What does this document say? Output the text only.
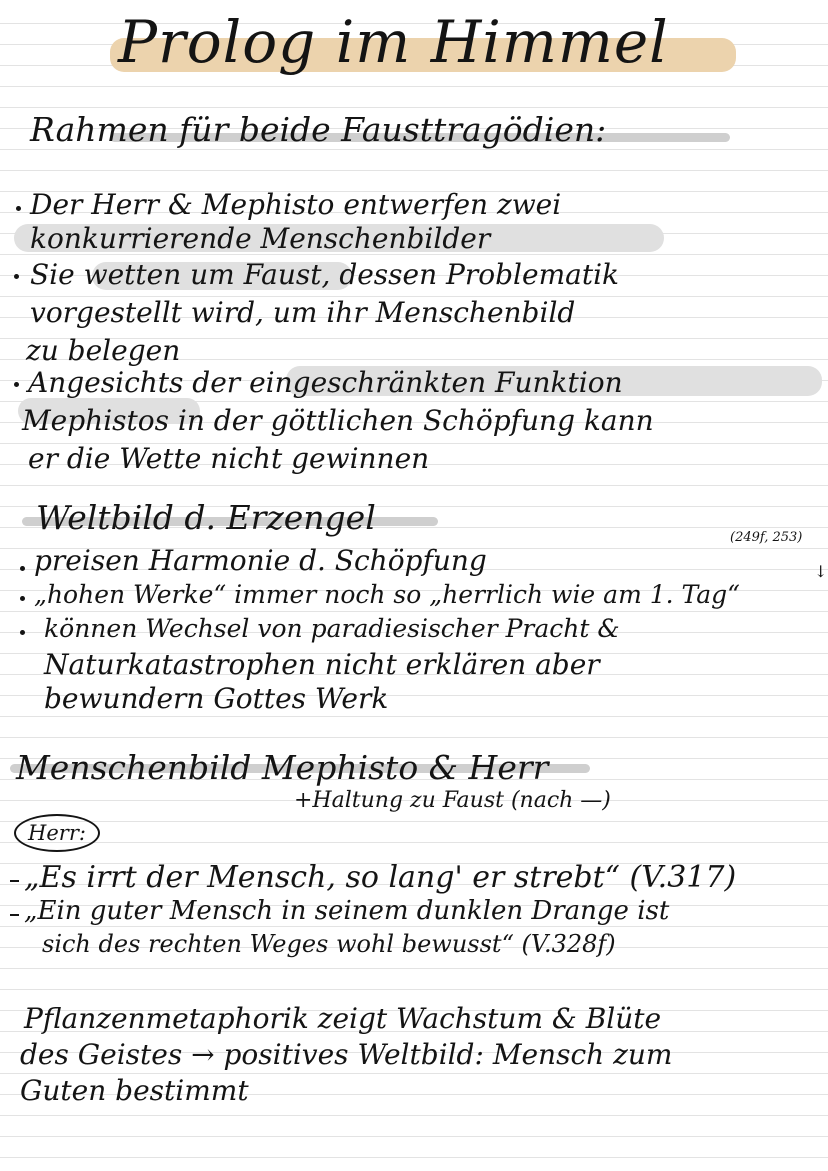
Prolog im Himmel
Rahmen für beide Fausttragödien:
Der Herr & Mephisto entwerfen zwei
konkurrierende Menschenbilder
Sie wetten um Faust, dessen Problematik
vorgestellt wird, um ihr Menschenbild
zu belegen
Angesichts der eingeschränkten Funktion
Mephistos in der göttlichen Schöpfung kann
er die Wette nicht gewinnen
Weltbild d. Erzengel
(249f, 253)
preisen Harmonie d. Schöpfung
„hohen Werke“ immer noch so „herrlich wie am 1. Tag“
↓
können Wechsel von paradiesischer Pracht &
Naturkatastrophen nicht erklären aber
bewundern Gottes Werk
Menschenbild Mephisto & Herr
+Haltung zu Faust (nach —)
Herr:
„Es irrt der Mensch, so lang' er strebt“ (V.317)
„Ein guter Mensch in seinem dunklen Drange ist
sich des rechten Weges wohl bewusst“ (V.328f)
Pflanzenmetaphorik zeigt Wachstum & Blüte
des Geistes → positives Weltbild: Mensch zum
Guten bestimmt
